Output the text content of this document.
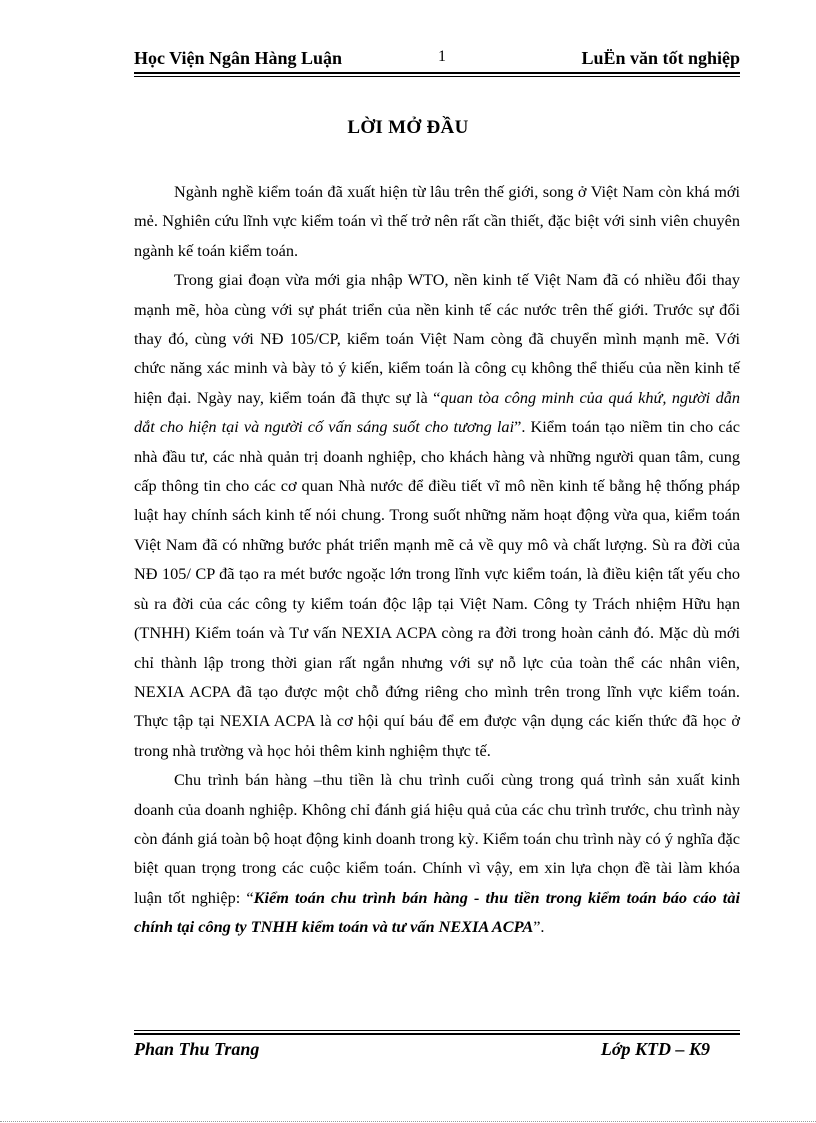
Học Viện Ngân Hàng Luận	1	LuËn văn tốt nghiệp
LỜI MỞ ĐẦU

Ngành nghề kiểm toán đã xuất hiện từ lâu trên thế giới, song ở Việt Nam còn khá mới mẻ. Nghiên cứu lĩnh vực kiểm toán vì thế trở nên rất cần thiết, đặc biệt với sinh viên chuyên ngành kế toán kiểm toán.

Trong giai đoạn vừa mới gia nhập WTO, nền kinh tế Việt Nam đã có nhiều đổi thay mạnh mẽ, hòa cùng với sự phát triển của nền kinh tế các nước trên thế giới. Trước sự đổi thay đó, cùng với NĐ 105/CP, kiểm toán Việt Nam còng đã chuyển mình mạnh mẽ. Với chức năng xác minh và bày tỏ ý kiến, kiểm toán là công cụ không thể thiếu của nền kinh tế hiện đại. Ngày nay, kiểm toán đã thực sự là “quan tòa công minh của quá khứ, người dẫn dắt cho hiện tại và người cố vấn sáng suốt cho tương lai”. Kiểm toán tạo niềm tin cho các nhà đầu tư, các nhà quản trị doanh nghiệp, cho khách hàng và những người quan tâm, cung cấp thông tin cho các cơ quan Nhà nước để điều tiết vĩ mô nền kinh tế bằng hệ thống pháp luật hay chính sách kinh tế nói chung. Trong suốt những năm hoạt động vừa qua, kiểm toán Việt Nam đã có những bước phát triển mạnh mẽ cả về quy mô và chất lượng. Sù ra đời của NĐ 105/ CP đã tạo ra mét bước ngoặc lớn trong lĩnh vực kiểm toán, là điều kiện tất yếu cho sù ra đời của các công ty kiểm toán độc lập tại Việt Nam. Công ty Trách nhiệm Hữu hạn (TNHH) Kiểm toán và Tư vấn NEXIA ACPA còng ra đời trong hoàn cảnh đó. Mặc dù mới chỉ thành lập trong thời gian rất ngắn nhưng với sự nỗ lực của toàn thể các nhân viên, NEXIA ACPA đã tạo được một chỗ đứng riêng cho mình trên trong lĩnh vực kiểm toán. Thực tập tại NEXIA ACPA là cơ hội quí báu để em được vận dụng các kiến thức đã học ở trong nhà trường và học hỏi thêm kinh nghiệm thực tế.

Chu trình bán hàng –thu tiền là chu trình cuối cùng trong quá trình sản xuất kinh doanh của doanh nghiệp. Không chỉ đánh giá hiệu quả của các chu trình trước, chu trình này còn đánh giá toàn bộ hoạt động kinh doanh trong kỳ. Kiểm toán chu trình này có ý nghĩa đặc biệt quan trọng trong các cuộc kiểm toán. Chính vì vậy, em xin lựa chọn đề tài làm khóa luận tốt nghiệp: “Kiểm toán chu trình bán hàng - thu tiền trong kiểm toán báo cáo tài chính tại công ty TNHH kiểm toán và tư vấn NEXIA ACPA”.

Phan Thu Trang	Lớp KTD – K9
